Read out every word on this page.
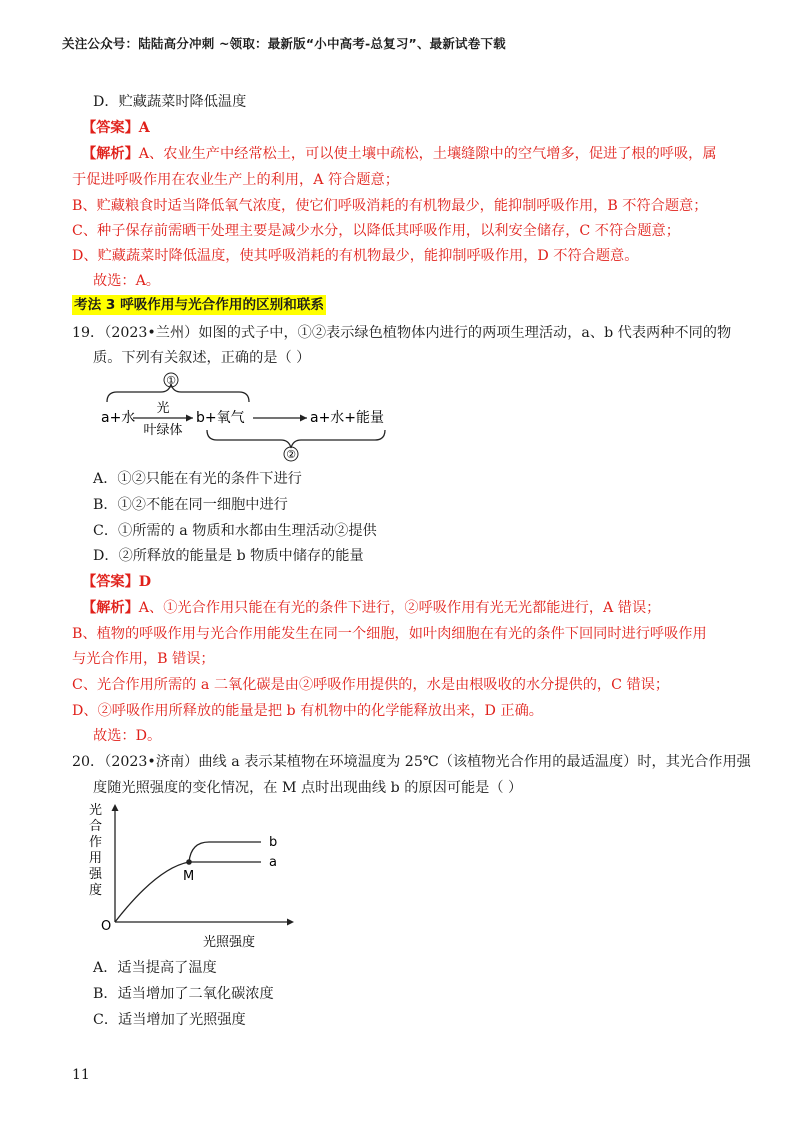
关注公众号：陆陆高分冲刺 ~领取：最新版“小中高考-总复习”、最新试卷下载
D．贮藏蔬菜时降低温度
【答案】A
【解析】A、农业生产中经常松土，可以使土壤中疏松，土壤缝隙中的空气增多，促进了根的呼吸，属
于促进呼吸作用在农业生产上的利用，A 符合题意；
B、贮藏粮食时适当降低氧气浓度，使它们呼吸消耗的有机物最少，能抑制呼吸作用，B 不符合题意；
C、种子保存前需晒干处理主要是减少水分，以降低其呼吸作用，以利安全储存，C 不符合题意；
D、贮藏蔬菜时降低温度，使其呼吸消耗的有机物最少，能抑制呼吸作用，D 不符合题意。
故选：A。
考法 3 呼吸作用与光合作用的区别和联系
19．（2023•兰州）如图的式子中，①②表示绿色植物体内进行的两项生理活动，a、b 代表两种不同的物
质。下列有关叙述，正确的是（ ）
①
a+水
光
叶绿体
b+氧气	a+水+能量
②
A．①②只能在有光的条件下进行
B．①②不能在同一细胞中进行
C．①所需的 a 物质和水都由生理活动②提供
D．②所释放的能量是 b 物质中储存的能量
【答案】D
【解析】A、①光合作用只能在有光的条件下进行，②呼吸作用有光无光都能进行，A 错误；
B、植物的呼吸作用与光合作用能发生在同一个细胞，如叶肉细胞在有光的条件下回同时进行呼吸作用
与光合作用，B 错误；
C、光合作用所需的 a 二氧化碳是由②呼吸作用提供的，水是由根吸收的水分提供的，C 错误；
D、②呼吸作用所释放的能量是把 b 有机物中的化学能释放出来，D 正确。
故选：D。
20．（2023•济南）曲线 a 表示某植物在环境温度为 25℃（该植物光合作用的最适温度）时，其光合作用强
度随光照强度的变化情况，在 M 点时出现曲线 b 的原因可能是（ ）
光
合
作
用
强
度
O
光照强度
a
b
M
A．适当提高了温度
B．适当增加了二氧化碳浓度
C．适当增加了光照强度
11
